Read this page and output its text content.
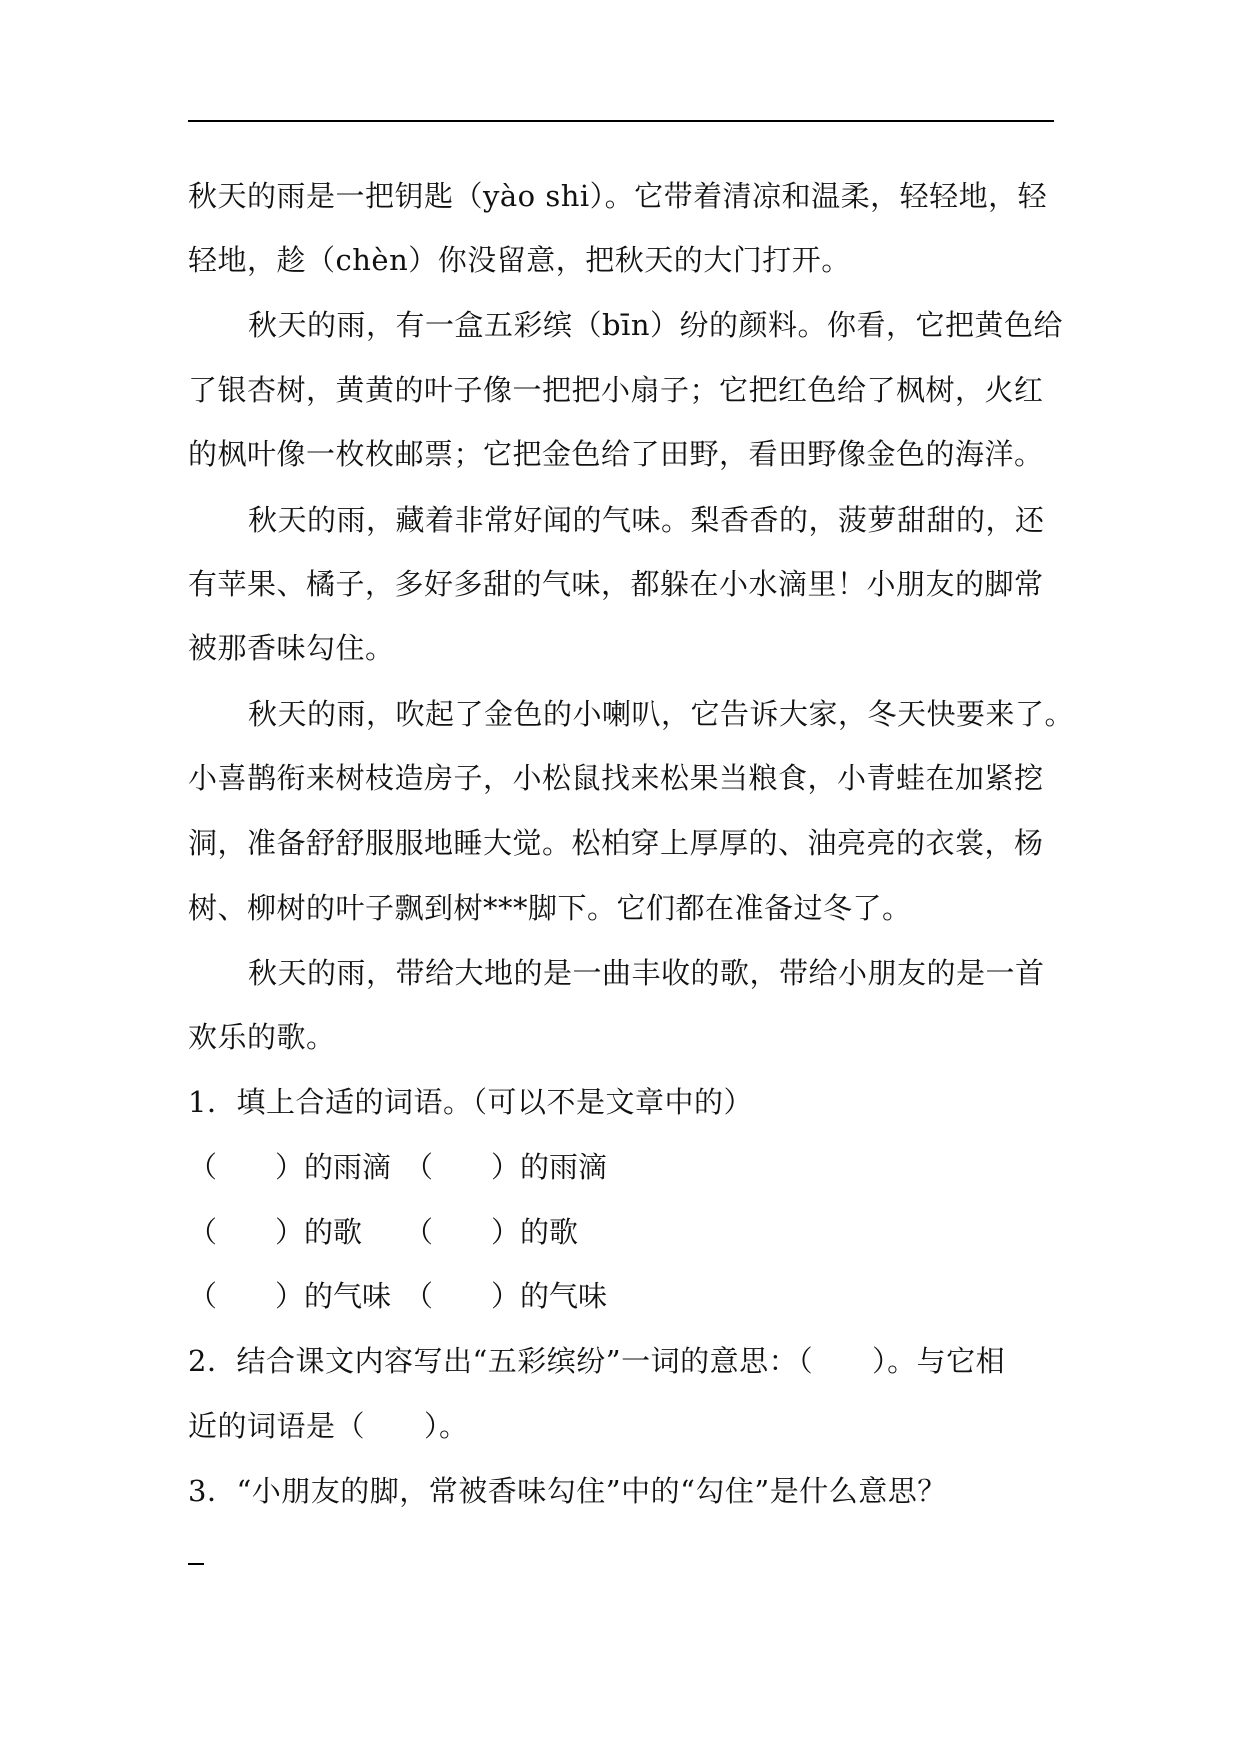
秋天的雨是一把钥匙（yào shi）。它带着清凉和温柔，轻轻地，轻
轻地，趁（chèn）你没留意，把秋天的大门打开。
秋天的雨，有一盒五彩缤（bīn）纷的颜料。你看，它把黄色给
了银杏树，黄黄的叶子像一把把小扇子；它把红色给了枫树，火红
的枫叶像一枚枚邮票；它把金色给了田野，看田野像金色的海洋。
秋天的雨，藏着非常好闻的气味。梨香香的，菠萝甜甜的，还
有苹果、橘子，多好多甜的气味，都躲在小水滴里！小朋友的脚常
被那香味勾住。
秋天的雨，吹起了金色的小喇叭，它告诉大家，冬天快要来了。
小喜鹊衔来树枝造房子，小松鼠找来松果当粮食，小青蛙在加紧挖
洞，准备舒舒服服地睡大觉。松柏穿上厚厚的、油亮亮的衣裳，杨
树、柳树的叶子飘到树***脚下。它们都在准备过冬了。
秋天的雨，带给大地的是一曲丰收的歌，带给小朋友的是一首
欢乐的歌。
1．填上合适的词语。（可以不是文章中的）
（　　）的雨滴 （　　）的雨滴
（　　）的歌 （　　）的歌
（　　）的气味 （　　）的气味
2．结合课文内容写出“五彩缤纷”一词的意思：（　　）。与它相
近的词语是（　　）。
3．“小朋友的脚，常被香味勾住”中的“勾住”是什么意思？
